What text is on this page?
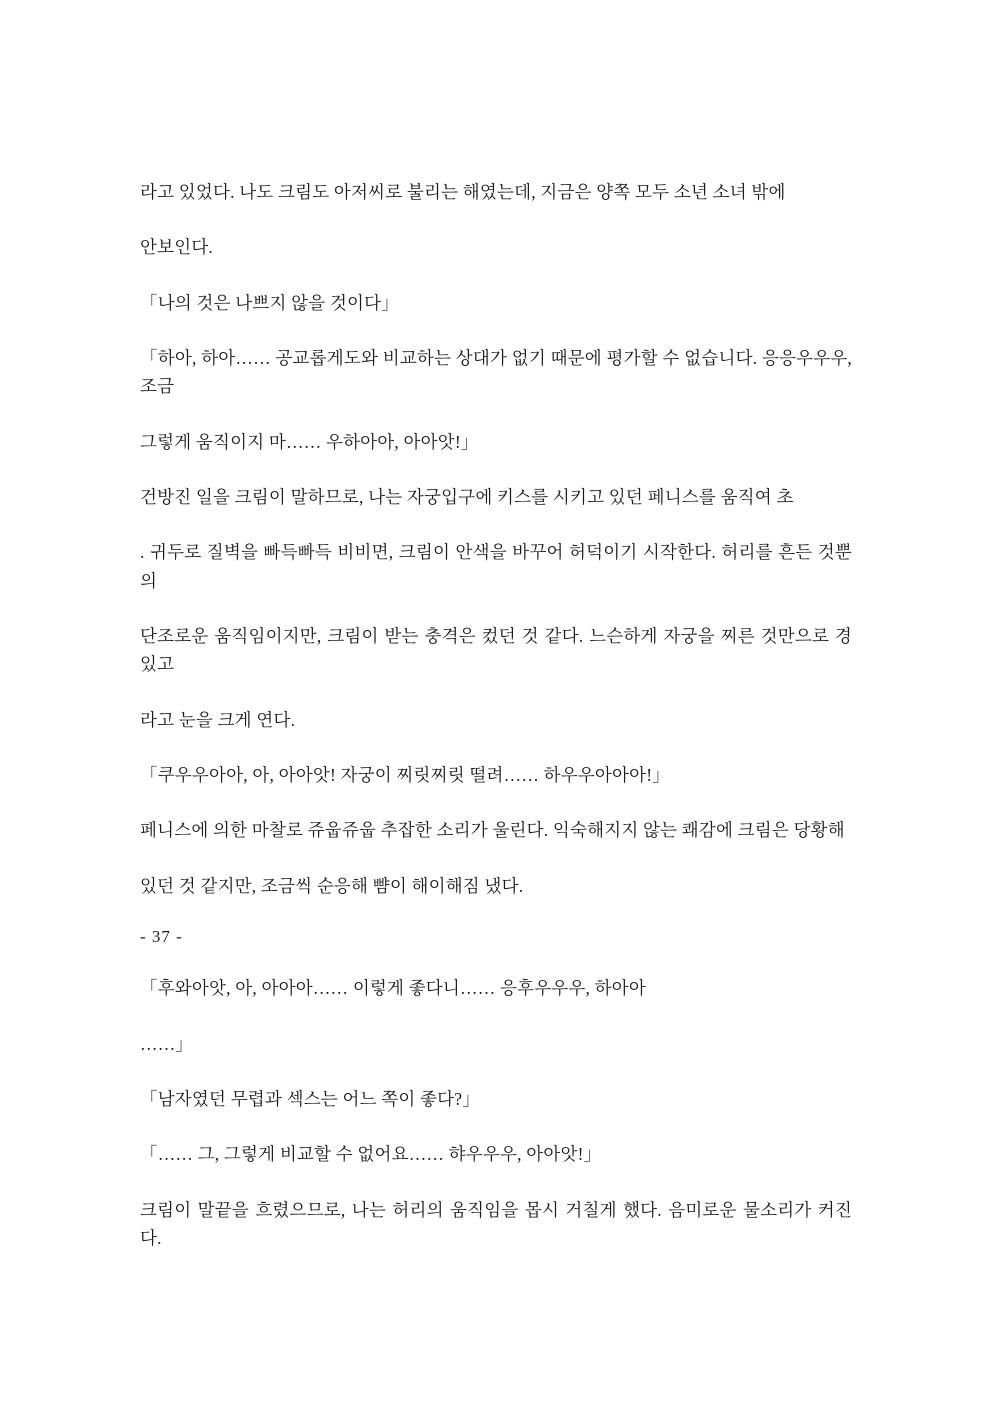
라고 있었다. 나도 크림도 아저씨로 불리는 해였는데, 지금은 양쪽 모두 소년 소녀 밖에

안보인다.

「나의 것은 나쁘지 않을 것이다」

「하아, 하아…… 공교롭게도와 비교하는 상대가 없기 때문에 평가할 수 없습니다. 응응우우우, 조금

그렇게 움직이지 마…… 우하아아, 아아앗!」

건방진 일을 크림이 말하므로, 나는 자궁입구에 키스를 시키고 있던 페니스를 움직여 초

. 귀두로 질벽을 빠득빠득 비비면, 크림이 안색을 바꾸어 허덕이기 시작한다. 허리를 흔든 것뿐의

단조로운 움직임이지만, 크림이 받는 충격은 컸던 것 같다. 느슨하게 자궁을 찌른 것만으로 경 있고

라고 눈을 크게 연다.

「쿠우우아아, 아, 아아앗! 자궁이 찌릿찌릿 떨려…… 하우우아아아!」

페니스에 의한 마찰로 쥬웁쥬웁 추잡한 소리가 울린다. 익숙해지지 않는 쾌감에 크림은 당황해

있던 것 같지만, 조금씩 순응해 뺨이 해이해짐 냈다.

- 37 -

「후와아앗, 아, 아아아…… 이렇게 좋다니…… 응후우우우, 하아아

……」

「남자였던 무렵과 섹스는 어느 쪽이 좋다?」

「…… 그, 그렇게 비교할 수 없어요…… 햐우우우, 아아앗!」

크림이 말끝을 흐렸으므로, 나는 허리의 움직임을 몹시 거칠게 했다. 음미로운 물소리가 커진다.
